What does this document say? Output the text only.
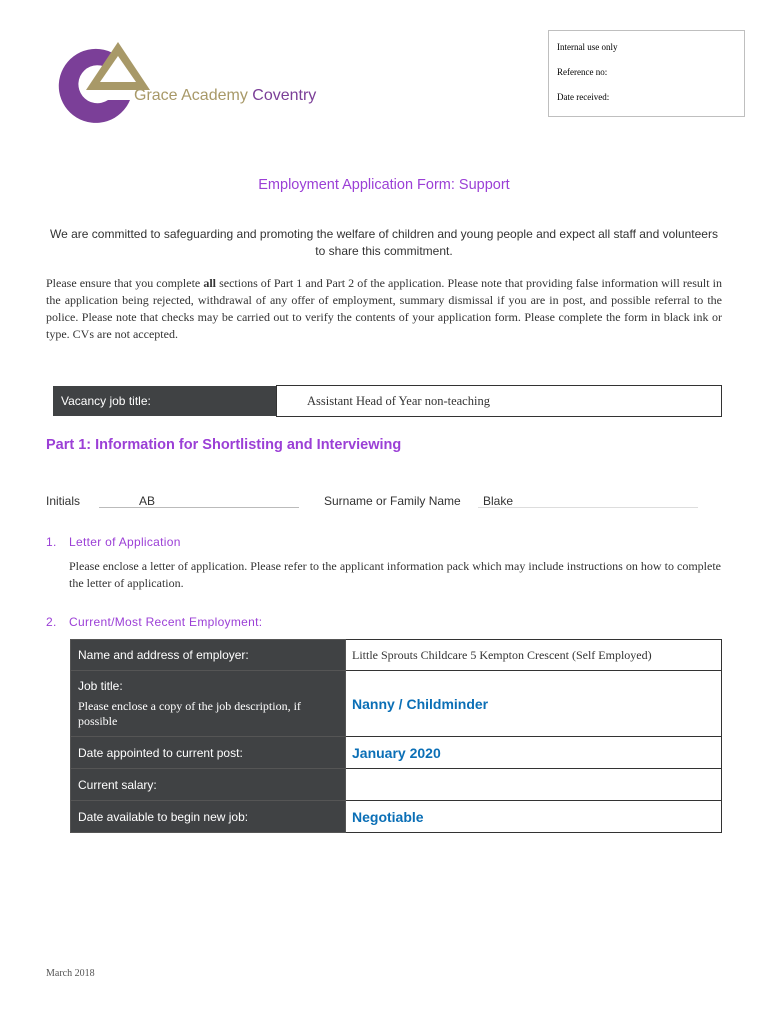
Grace Academy Coventry
Internal use only
Reference no:
Date received:
Employment Application Form: Support
We are committed to safeguarding and promoting the welfare of children and young people and expect all staff and volunteers to share this commitment.
Please ensure that you complete all sections of Part 1 and Part 2 of the application. Please note that providing false information will result in the application being rejected, withdrawal of any offer of employment, summary dismissal if you are in post, and possible referral to the police. Please note that checks may be carried out to verify the contents of your application form. Please complete the form in black ink or type. CVs are not accepted.
Vacancy job title:	Assistant Head of Year non-teaching
Part 1: Information for Shortlisting and Interviewing
Initials	AB	Surname or Family Name Blake
1. Letter of Application
Please enclose a letter of application. Please refer to the applicant information pack which may include instructions on how to complete the letter of application.
2. Current/Most Recent Employment:
Name and address of employer:	Little Sprouts Childcare 5 Kempton Crescent (Self Employed)

Job title:
Please enclose a copy of the job description, if possible	Nanny / Childminder
Date appointed to current post:	January 2020
Current salary:	
Date available to begin new job:	Negotiable
March 2018
